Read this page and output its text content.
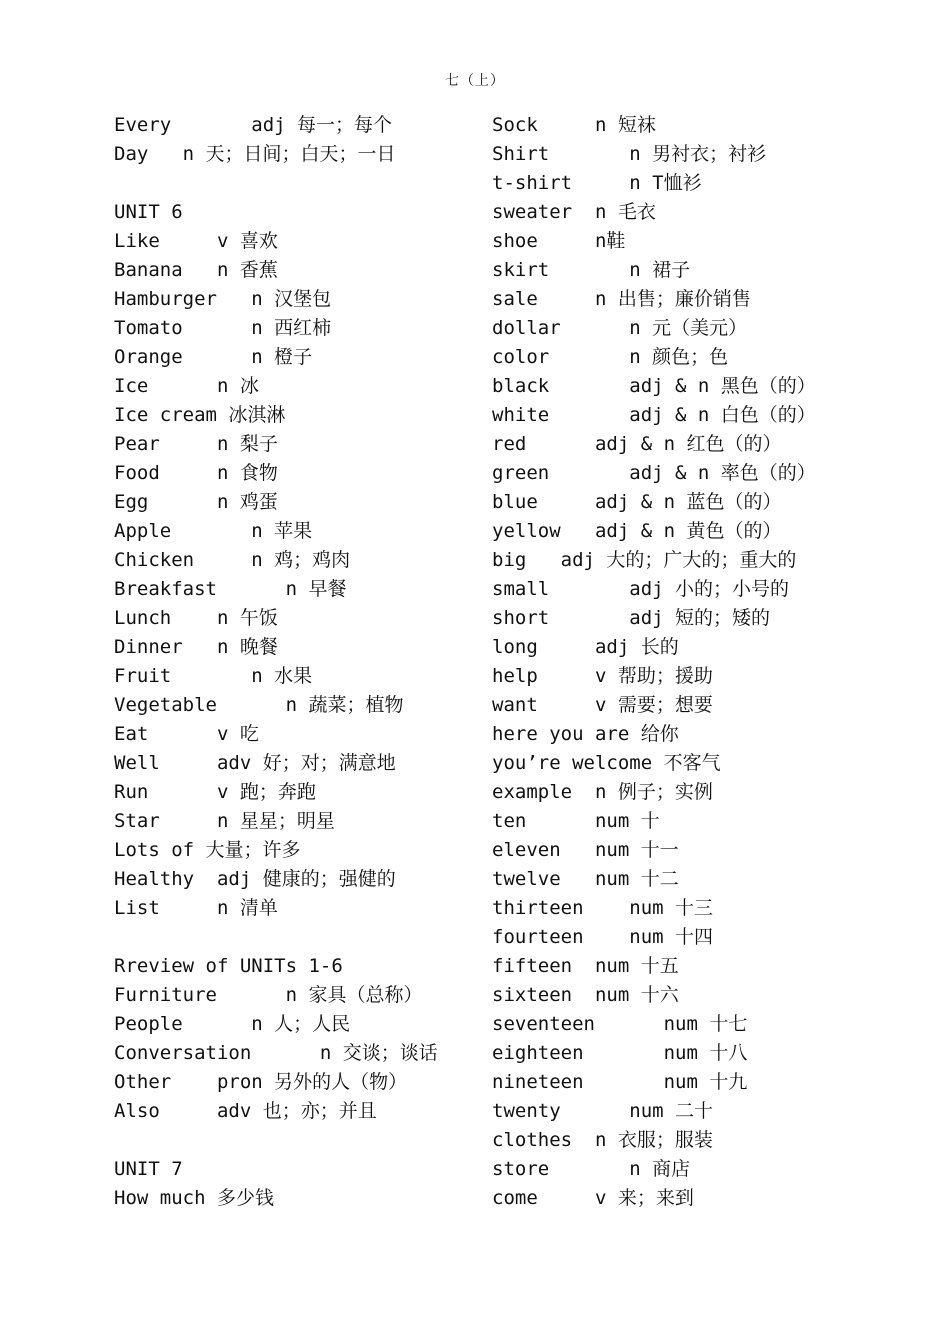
七（上）
Every       adj 每一；每个
Day   n 天；日间；白天；一日
UNIT 6
Like     v 喜欢
Banana   n 香蕉
Hamburger   n 汉堡包
Tomato      n 西红柿
Orange      n 橙子
Ice      n 冰
Ice cream 冰淇淋
Pear     n 梨子
Food     n 食物
Egg      n 鸡蛋
Apple       n 苹果
Chicken     n 鸡；鸡肉
Breakfast      n 早餐
Lunch    n 午饭
Dinner   n 晚餐
Fruit       n 水果
Vegetable      n 蔬菜；植物
Eat      v 吃
Well     adv 好；对；满意地
Run      v 跑；奔跑
Star     n 星星；明星
Lots of 大量；许多
Healthy  adj 健康的；强健的
List     n 清单
Rreview of UNITs 1-6
Furniture      n 家具（总称）
People      n 人；人民
Conversation      n 交谈；谈话
Other    pron 另外的人（物）
Also     adv 也；亦；并且
UNIT 7
How much 多少钱
Sock     n 短袜
Shirt       n 男衬衣；衬衫
t-shirt     n T恤衫
sweater  n 毛衣
shoe     n鞋
skirt       n 裙子
sale     n 出售；廉价销售
dollar      n 元（美元）
color       n 颜色；色
black       adj & n 黑色（的）
white       adj & n 白色（的）
red      adj & n 红色（的）
green       adj & n 率色（的）
blue     adj & n 蓝色（的）
yellow   adj & n 黄色（的）
big   adj 大的；广大的；重大的
small       adj 小的；小号的
short       adj 短的；矮的
long     adj 长的
help     v 帮助；援助
want     v 需要；想要
here you are 给你
you’re welcome 不客气
example  n 例子；实例
ten      num 十
eleven   num 十一
twelve   num 十二
thirteen    num 十三
fourteen    num 十四
fifteen  num 十五
sixteen  num 十六
seventeen      num 十七
eighteen       num 十八
nineteen       num 十九
twenty      num 二十
clothes  n 衣服；服装
store       n 商店
come     v 来；来到
